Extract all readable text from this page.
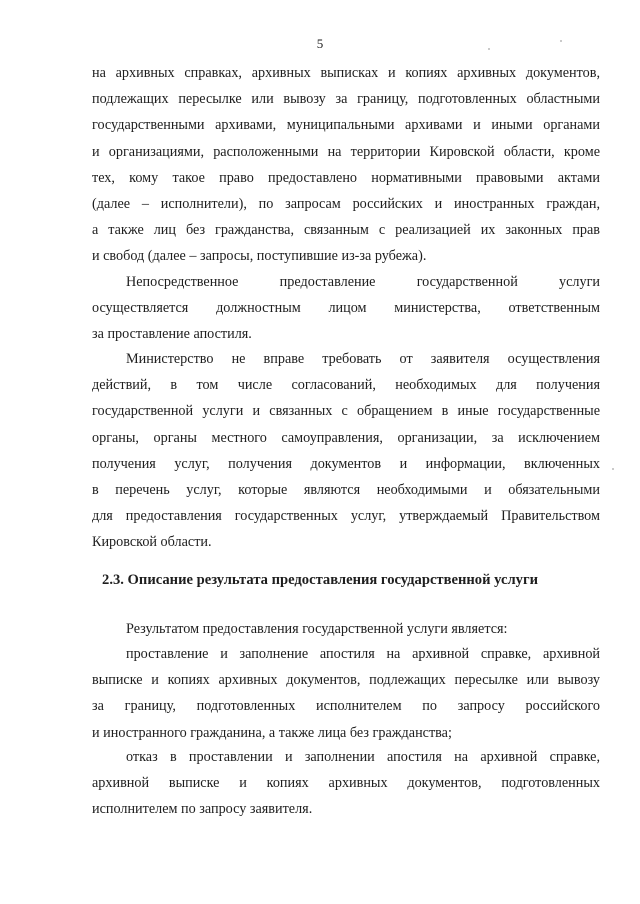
5

на архивных справках, архивных выписках и копиях архивных документов,
подлежащих пересылке или вывозу за границу, подготовленных областными
государственными архивами, муниципальными архивами и иными органами
и организациями, расположенными на территории Кировской области, кроме
тех, кому такое право предоставлено нормативными правовыми актами
(далее – исполнители), по запросам российских и иностранных граждан,
а также лиц без гражданства, связанным с реализацией их законных прав
и свобод (далее – запросы, поступившие из-за рубежа).

Непосредственное предоставление государственной услуги
осуществляется должностным лицом министерства, ответственным
за проставление апостиля.

Министерство не вправе требовать от заявителя осуществления
действий, в том числе согласований, необходимых для получения
государственной услуги и связанных с обращением в иные государственные
органы, органы местного самоуправления, организации, за исключением
получения услуг, получения документов и информации, включенных
в перечень услуг, которые являются необходимыми и обязательными
для предоставления государственных услуг, утверждаемый Правительством
Кировской области.

2.3. Описание результата предоставления государственной услуги

Результатом предоставления государственной услуги является:

проставление и заполнение апостиля на архивной справке, архивной
выписке и копиях архивных документов, подлежащих пересылке или вывозу
за границу, подготовленных исполнителем по запросу российского
и иностранного гражданина, а также лица без гражданства;

отказ в проставлении и заполнении апостиля на архивной справке,
архивной выписке и копиях архивных документов, подготовленных
исполнителем по запросу заявителя.
